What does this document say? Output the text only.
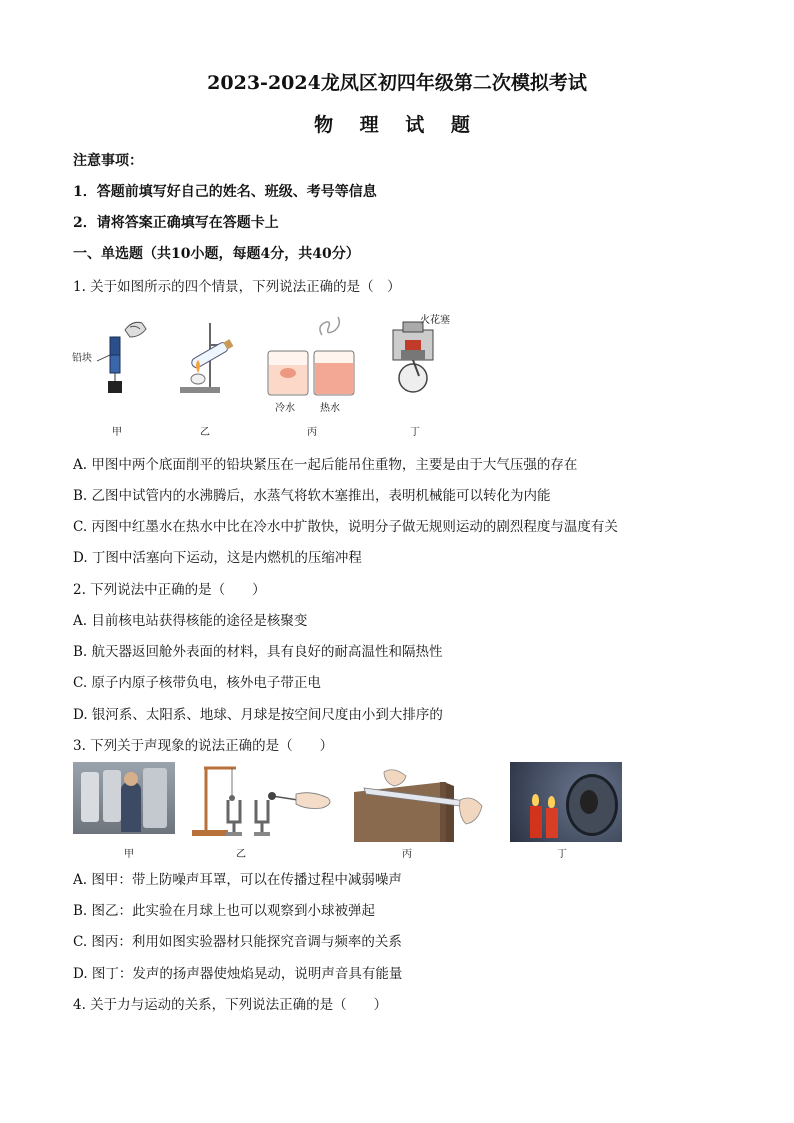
2023-2024龙凤区初四年级第二次模拟考试
物 理 试 题
注意事项：
1．答题前填写好自己的姓名、班级、考号等信息
2．请将答案正确填写在答题卡上
一、单选题（共10小题，每题4分，共40分）
1. 关于如图所示的四个情景，下列说法正确的是（　）
铅块
冷水	热水
火花塞
甲	乙	丙	丁
A. 甲图中两个底面削平的铅块紧压在一起后能吊住重物，主要是由于大气压强的存在
B. 乙图中试管内的水沸腾后，水蒸气将软木塞推出，表明机械能可以转化为内能
C. 丙图中红墨水在热水中比在冷水中扩散快，说明分子做无规则运动的剧烈程度与温度有关
D. 丁图中活塞向下运动，这是内燃机的压缩冲程
2. 下列说法中正确的是（　　）
A. 目前核电站获得核能的途径是核聚变
B. 航天器返回舱外表面的材料，具有良好的耐高温性和隔热性
C. 原子内原子核带负电，核外电子带正电
D. 银河系、太阳系、地球、月球是按空间尺度由小到大排序的
3. 下列关于声现象的说法正确的是（　　）
甲	乙	丙	丁
A. 图甲：带上防噪声耳罩，可以在传播过程中减弱噪声
B. 图乙：此实验在月球上也可以观察到小球被弹起
C. 图丙：利用如图实验器材只能探究音调与频率的关系
D. 图丁：发声的扬声器使烛焰晃动，说明声音具有能量
4. 关于力与运动的关系，下列说法正确的是（　　）
